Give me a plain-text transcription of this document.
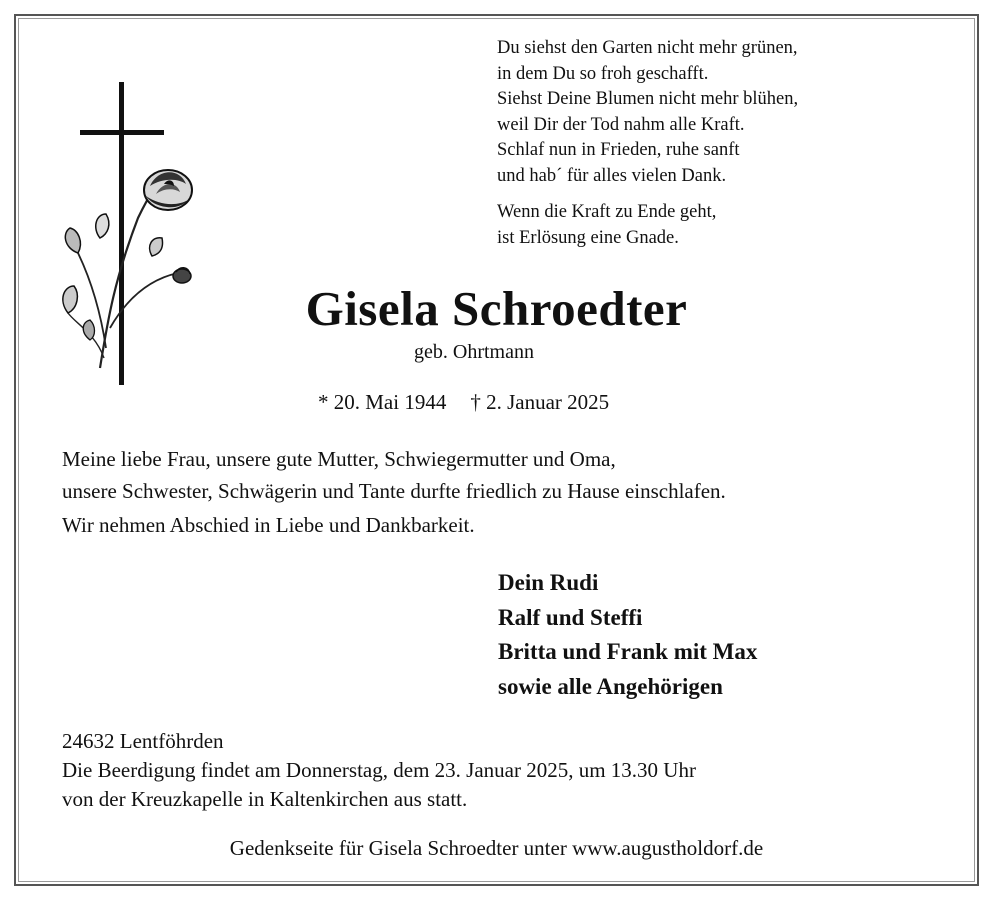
Du siehst den Garten nicht mehr grünen,
in dem Du so froh geschafft.
Siehst Deine Blumen nicht mehr blühen,
weil Dir der Tod nahm alle Kraft.
Schlaf nun in Frieden, ruhe sanft
und hab´ für alles vielen Dank.
Wenn die Kraft zu Ende geht,
ist Erlösung eine Gnade.
Gisela Schroedter
geb. Ohrtmann
* 20. Mai 1944 † 2. Januar 2025
Meine liebe Frau, unsere gute Mutter, Schwiegermutter und Oma,
unsere Schwester, Schwägerin und Tante durfte friedlich zu Hause einschlafen.
Wir nehmen Abschied in Liebe und Dankbarkeit.
Dein Rudi
Ralf und Steffi
Britta und Frank mit Max
sowie alle Angehörigen
24632 Lentföhrden
Die Beerdigung findet am Donnerstag, dem 23. Januar 2025, um 13.30 Uhr
von der Kreuzkapelle in Kaltenkirchen aus statt.
Gedenkseite für Gisela Schroedter unter www.augustholdorf.de
